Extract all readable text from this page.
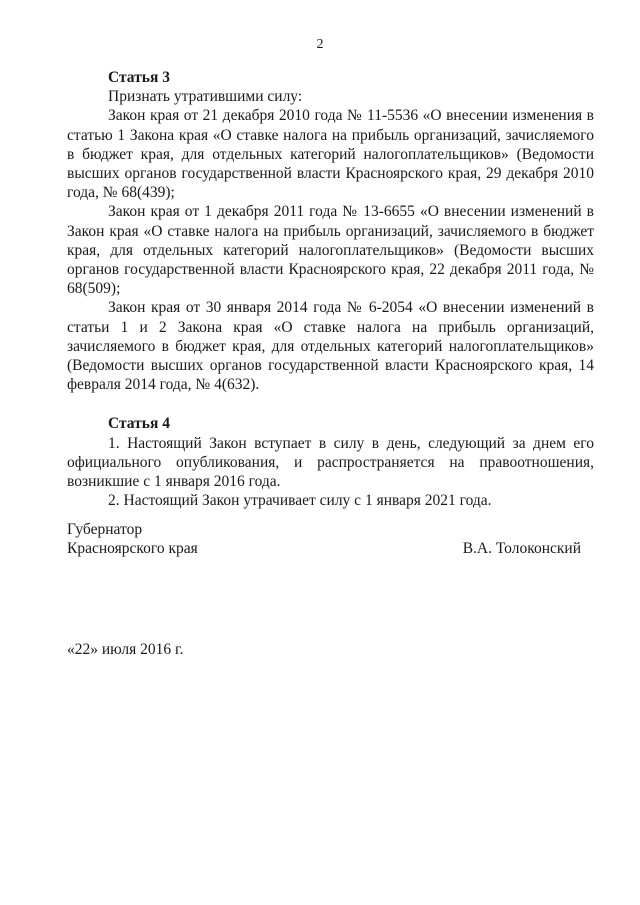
2

Статья 3

Признать утратившими силу:

Закон края от 21 декабря 2010 года № 11-5536 «О внесении изменения в статью 1 Закона края «О ставке налога на прибыль организаций, зачисляемого в бюджет края, для отдельных категорий налогоплательщиков» (Ведомости высших органов государственной власти Красноярского края, 29 декабря 2010 года, № 68(439);

Закон края от 1 декабря 2011 года № 13-6655 «О внесении изменений в Закон края «О ставке налога на прибыль организаций, зачисляемого в бюджет края, для отдельных категорий налогоплательщиков» (Ведомости высших органов государственной власти Красноярского края, 22 декабря 2011 года, № 68(509);

Закон края от 30 января 2014 года № 6-2054 «О внесении изменений в статьи 1 и 2 Закона края «О ставке налога на прибыль организаций, зачисляемого в бюджет края, для отдельных категорий налогоплательщиков» (Ведомости высших органов государственной власти Красноярского края, 14 февраля 2014 года, № 4(632).

Статья 4

1. Настоящий Закон вступает в силу в день, следующий за днем его официального опубликования, и распространяется на правоотношения, возникшие с 1 января 2016 года.

2. Настоящий Закон утрачивает силу с 1 января 2021 года.

Губернатор
Красноярского края	В.А. Толоконский
«22» июля 2016 г.
